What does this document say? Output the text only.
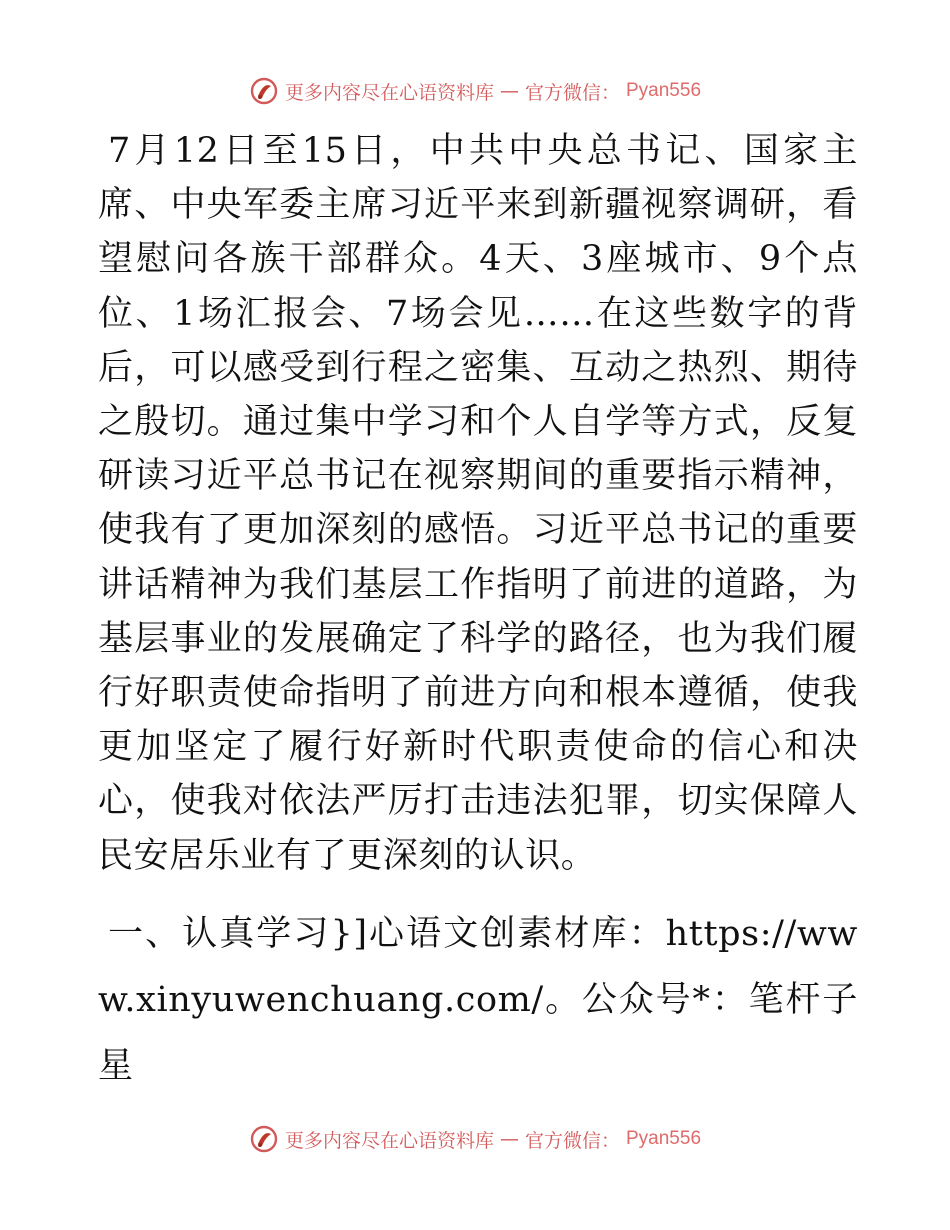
更多内容尽在心语资料库 — 官方微信： Pyan556

7月12日至15日，中共中央总书记、国家主席、中央军委主席习近平来到新疆视察调研，看望慰问各族干部群众。4天、3座城市、9个点位、1场汇报会、7场会见……在这些数字的背后，可以感受到行程之密集、互动之热烈、期待之殷切。通过集中学习和个人自学等方式，反复研读习近平总书记在视察期间的重要指示精神，使我有了更加深刻的感悟。习近平总书记的重要讲话精神为我们基层工作指明了前进的道路，为基层事业的发展确定了科学的路径，也为我们履行好职责使命指明了前进方向和根本遵循，使我更加坚定了履行好新时代职责使命的信心和决心，使我对依法严厉打击违法犯罪，切实保障人民安居乐业有了更深刻的认识。

一、认真学习}]心语文创素材库：https://www.xinyuwenchuang.com/。公众号*：笔杆子星

更多内容尽在心语资料库 — 官方微信： Pyan556
